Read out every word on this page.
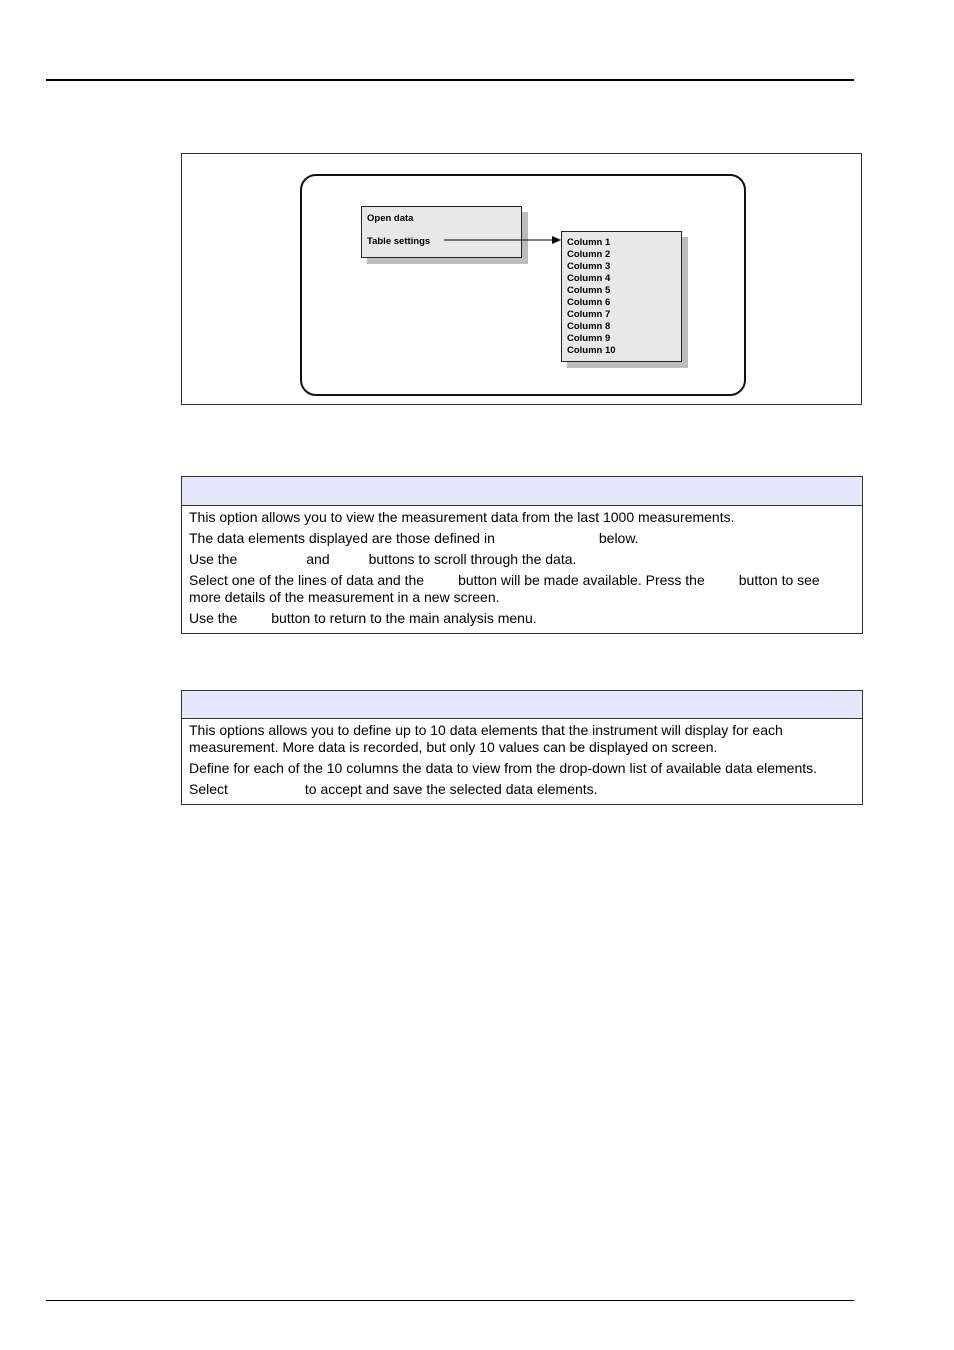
Open data
Table settings	Column 1
Column 2
Column 3
Column 4
Column 5
Column 6
Column 7
Column 8
Column 9
Column 10

This option allows you to view the measurement data from the last 1000 measurements.

The data elements displayed are those defined in	below.

Use the	and	buttons to scroll through the data.

Select one of the lines of data and the button will be made available. Press the button to see more details of the measurement in a new screen.

Use the button to return to the main analysis menu.

This options allows you to define up to 10 data elements that the instrument will display for each measurement. More data is recorded, but only 10 values can be displayed on screen.

Define for each of the 10 columns the data to view from the drop-down list of available data elements.

Select	to accept and save the selected data elements.
